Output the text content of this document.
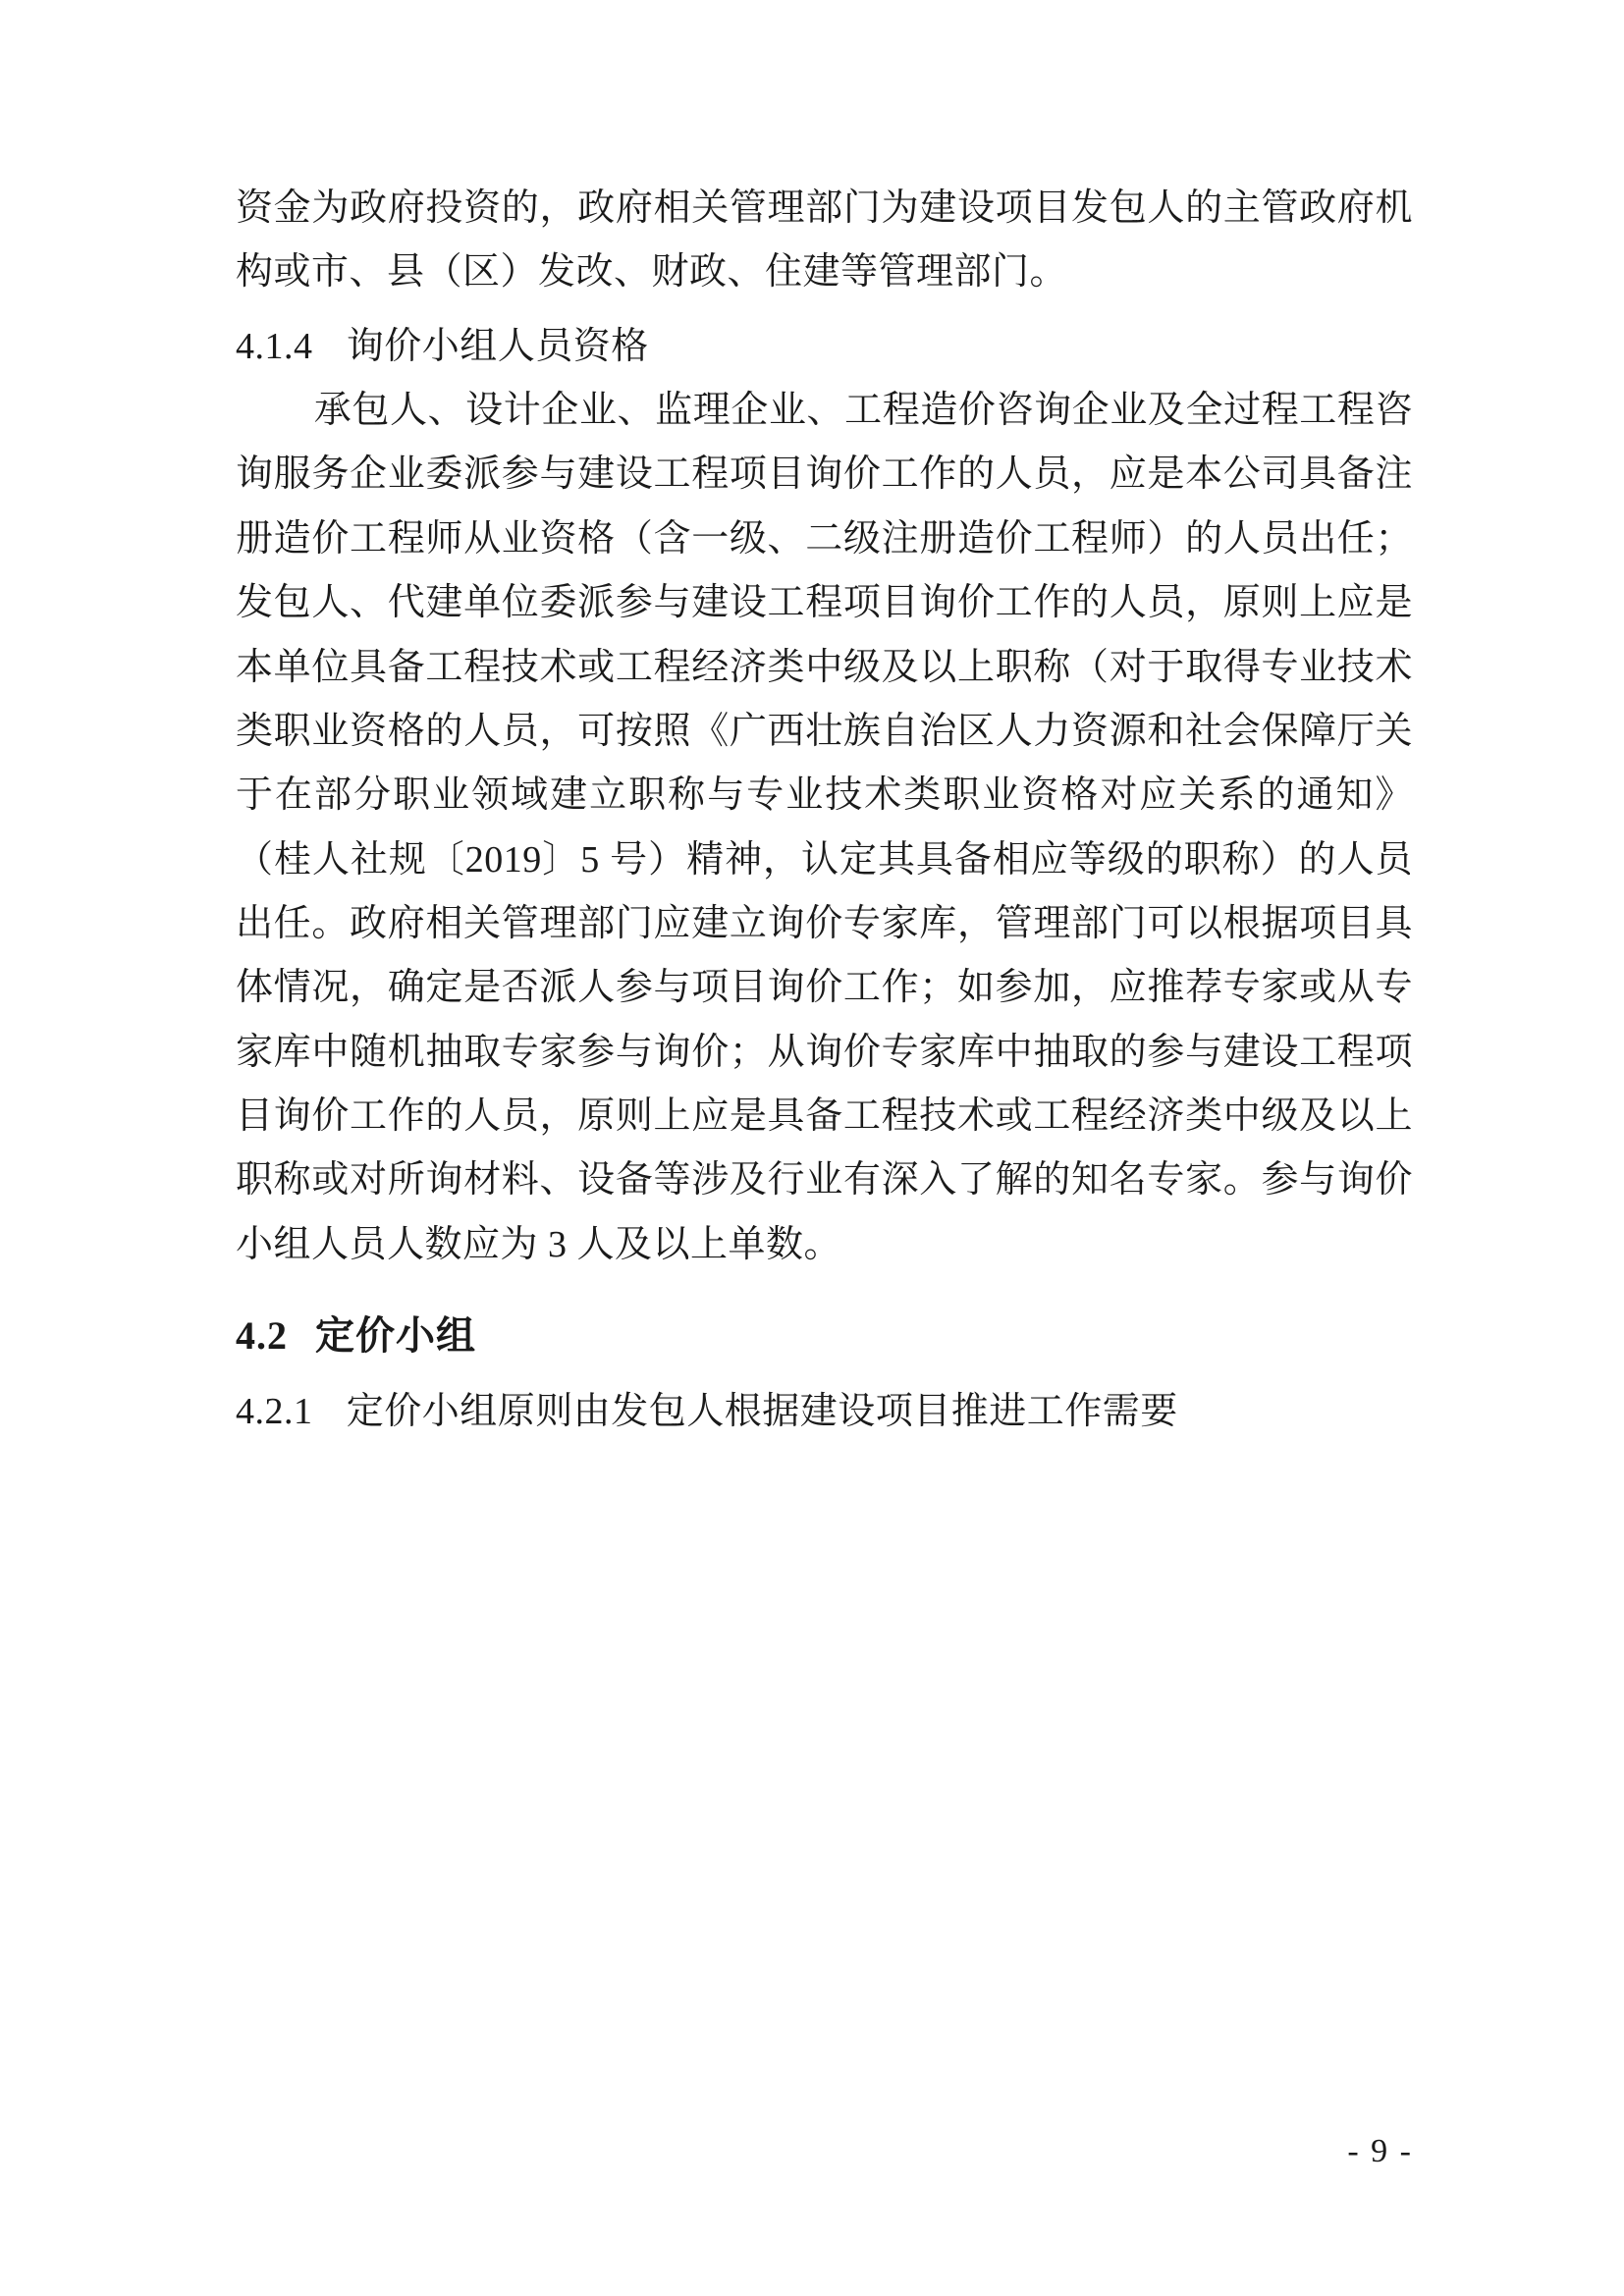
资金为政府投资的，政府相关管理部门为建设项目发包人的主管政府机构或市、县（区）发改、财政、住建等管理部门。

4.1.4 询价小组人员资格

承包人、设计企业、监理企业、工程造价咨询企业及全过程工程咨询服务企业委派参与建设工程项目询价工作的人员，应是本公司具备注册造价工程师从业资格（含一级、二级注册造价工程师）的人员出任；发包人、代建单位委派参与建设工程项目询价工作的人员，原则上应是本单位具备工程技术或工程经济类中级及以上职称（对于取得专业技术类职业资格的人员，可按照《广西壮族自治区人力资源和社会保障厅关于在部分职业领域建立职称与专业技术类职业资格对应关系的通知》（桂人社规〔2019〕5 号）精神，认定其具备相应等级的职称）的人员出任。政府相关管理部门应建立询价专家库，管理部门可以根据项目具体情况，确定是否派人参与项目询价工作；如参加，应推荐专家或从专家库中随机抽取专家参与询价；从询价专家库中抽取的参与建设工程项目询价工作的人员，原则上应是具备工程技术或工程经济类中级及以上职称或对所询材料、设备等涉及行业有深入了解的知名专家。参与询价小组人员人数应为 3 人及以上单数。

4.2 定价小组
4.2.1 定价小组原则由发包人根据建设项目推进工作需要
- 9 -
